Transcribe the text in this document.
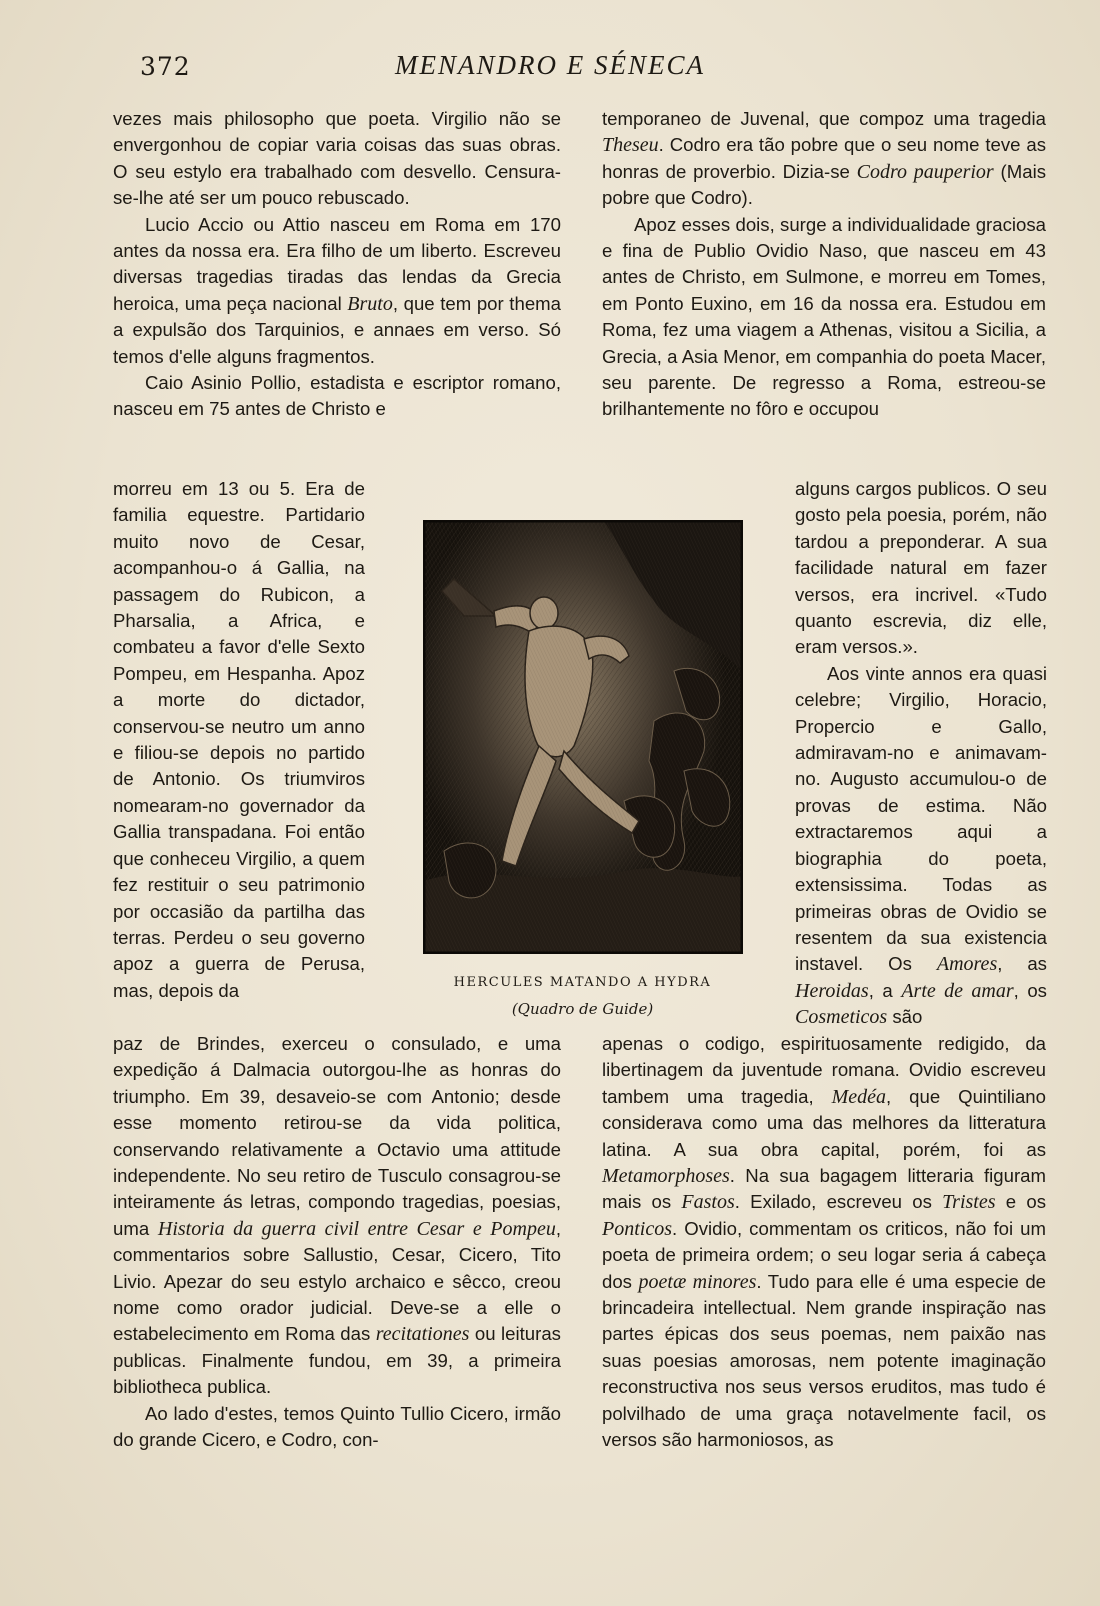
372	MENANDRO E SÉNECA

vezes mais philosopho que poeta. Virgilio não se envergonhou de copiar varia coisas das suas obras. O seu estylo era trabalhado com desvello. Censura-se-lhe até ser um pouco rebuscado.

Lucio Accio ou Attio nasceu em Roma em 170 antes da nossa era. Era filho de um liberto. Escreveu diversas tragedias tiradas das lendas da Grecia heroica, uma peça nacional Bruto, que tem por thema a expulsão dos Tarquinios, e annaes em verso. Só temos d'elle alguns fragmentos.

Caio Asinio Pollio, estadista e escriptor romano, nasceu em 75 antes de Christo e

morreu em 13 ou 5. Era de familia equestre. Partidario muito novo de Cesar, acompanhou-o á Gallia, na passagem do Rubicon, a Pharsalia, a Africa, e combateu a favor d'elle Sexto Pompeu, em Hespanha. Apoz a morte do dictador, conservou-se neutro um anno e filiou-se depois no partido de Antonio. Os triumviros nomearam-no governador da Gallia transpadana. Foi então que conheceu Virgilio, a quem fez restituir o seu patrimonio por occasião da partilha das terras. Perdeu o seu governo apoz a guerra de Perusa, mas, depois da

paz de Brindes, exerceu o consulado, e uma expedição á Dalmacia outorgou-lhe as honras do triumpho. Em 39, desaveio-se com Antonio; desde esse momento retirou-se da vida politica, conservando relativamente a Octavio uma attitude independente. No seu retiro de Tusculo consagrou-se inteiramente ás letras, compondo tragedias, poesias, uma Historia da guerra civil entre Cesar e Pompeu, commentarios sobre Sallustio, Cesar, Cicero, Tito Livio. Apezar do seu estylo archaico e sêcco, creou nome como orador judicial. Deve-se a elle o estabelecimento em Roma das recitationes ou leituras publicas. Finalmente fundou, em 39, a primeira bibliotheca publica.

Ao lado d'estes, temos Quinto Tullio Cicero, irmão do grande Cicero, e Codro, con-

temporaneo de Juvenal, que compoz uma tragedia Theseu. Codro era tão pobre que o seu nome teve as honras de proverbio. Dizia-se Codro pauperior (Mais pobre que Codro).

Apoz esses dois, surge a individualidade graciosa e fina de Publio Ovidio Naso, que nasceu em 43 antes de Christo, em Sulmone, e morreu em Tomes, em Ponto Euxino, em 16 da nossa era. Estudou em Roma, fez uma viagem a Athenas, visitou a Sicilia, a Grecia, a Asia Menor, em companhia do poeta Macer, seu parente. De regresso a Roma, estreou-se brilhantemente no fôro e occupou

alguns cargos publicos. O seu gosto pela poesia, porém, não tardou a preponderar. A sua facilidade natural em fazer versos, era incrivel. «Tudo quanto escrevia, diz elle, eram versos.».

Aos vinte annos era quasi celebre; Virgilio, Horacio, Propercio e Gallo, admiravam-no e animavam-no. Augusto accumulou-o de provas de estima. Não extractaremos aqui a biographia do poeta, extensissima. Todas as primeiras obras de Ovidio se resentem da sua existencia instavel. Os Amores, as Heroidas, a Arte de amar, os Cosmeticos são

apenas o codigo, espirituosamente redigido, da libertinagem da juventude romana. Ovidio escreveu tambem uma tragedia, Medéa, que Quintiliano considerava como uma das melhores da litteratura latina. A sua obra capital, porém, foi as Metamorphoses. Na sua bagagem litteraria figuram mais os Fastos. Exilado, escreveu os Tristes e os Ponticos. Ovidio, commentam os criticos, não foi um poeta de primeira ordem; o seu logar seria á cabeça dos poetæ minores. Tudo para elle é uma especie de brincadeira intellectual. Nem grande inspiração nas partes épicas dos seus poemas, nem paixão nas suas poesias amorosas, nem potente imaginação reconstructiva nos seus versos eruditos, mas tudo é polvilhado de uma graça notavelmente facil, os versos são harmoniosos, as

HERCULES MATANDO A HYDRA
(Quadro de Guide)
